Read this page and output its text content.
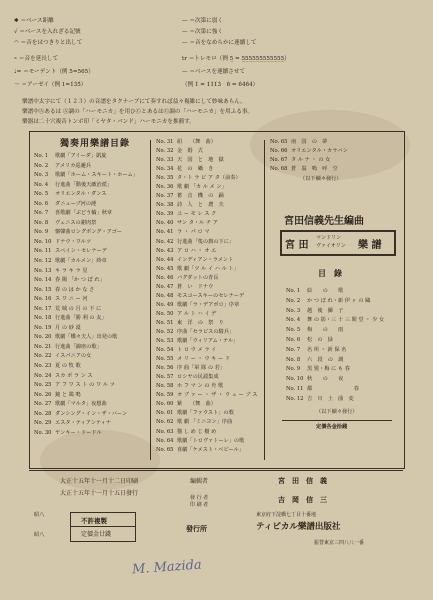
✱ ＝ベース距離
√ ＝ベースを入れざる記號
◠ ＝音をはつきりと出して
𝄐 ＝音を延長して
♩= ＝モーデント（例 5=565）
〜 ＝アーゼイ（例 1=1̇3̇5̇）
— ＝次第に弱く
— ＝次第に強く
— ＝音をなめらかに連續して
tr ＝トレモロ（例 5̲ = 5̲5̲5̲5̲5̲5̲5̲5̲5̲5̲5̲5̲）
— ＝ベースを連續させて
（例 1̇ = 1̇1̇1̇3̇　6̇ = 6̇4̇6̇4̇）
樂譜中太字にて（１２３）の音譜をタクナーブにて奏すれば益々複雑にして妙味あらん。
樂譜中Ⓐあるは Ⓐ調の「ハーモニカ」を用ひⒸとあるはⒸ調の「ハーモニカ」を用ふる事。
樂器は二十穴複音トンボ印「ミヤタ・バンド」ハーモニカを推薦す。
獨奏用樂譜目錄
No. 1 歌劇「アイーダ」凱旋
No. 2 アメリカ巡邏兵
No. 3 歌劇「ホーム・スキート・ホーム」
No. 4 行進曲「動後天敵治派」
No. 5 オリエンタル・ダンス
No. 6 ダニューブ河の漣
No. 7 喜歌劇「ぶどう輪」秋章
No. 8 ヴェニスの謝肉祭
No. 9 懐韓曲ロングボング・アゴー
No. 10 ドナウ・ワルツ
No. 11 スペイン・セレナーデ
No. 12 歌劇「カルメン」終章
No. 13 キ ラ キ ラ 星
No. 14 春 陽 「か つ ぽ れ」
No. 15 春 の は か な さ
No. 16 ス ワ ニ ー 河
No. 17 荒 城 の 月 の 下 に
No. 18 行進曲「勝 利 の 友」
No. 19 月 の 砂 漠
No. 20 歌劇「蝶々夫人」出発の歌
No. 21 行進曲「錦座の歌」
No. 22 イスパニアの女
No. 23 夏 の 牧 歌
No. 24 スカ ボ ラ ン ス
No. 25 ア フ ワ ス ト の ワ ル ツ
No. 26 鐘 と 鶏 鳴
No. 27 歌劇「マルタ」夜想曲
No. 28 ダンシング・イン・ザ・バーン
No. 29 エスタ・ティアンティナ
No. 30 ヤンキー・ドードル
No. 31 紐　　（舞　曲）
No. 32 金　婚　式
No. 33 天　国　と　地　獄
No. 34 花　の　囁　き
No. 35 タ・ト ラ ビ ア タ（前奏）
No. 36 歌 劇 「カ ル メ ン」
No. 37 蓄　音　機　の　踊
No. 38 詩　人　と　農　夫
No. 39 ユ ー モ レ ス ク
No. 40 サン タ・ル チ ア
No. 41 ラ ・ パ ロ マ
No. 42 行進曲「隻の旗の下に」
No. 43 ア ロ ハ ・ オ エ
No. 44 インディアン・ラメント
No. 45 歌 劇「ツ ル イ ハ ル ト」
No. 46 バグダットの青長
No. 47 蒼　い　ドナウ
No. 48 モスコースキーのセレナーデ
No. 49 歌劇「ラ・デアポロ」序章
No. 50 ア ル ト ハ イ デ
No. 51 東　洋　の　祭　り
No. 52 序曲「セラビスの騎兵」
No. 53 歌劇「ウィリアム・テル」
No. 54 ト ロ ウ メ ラ イ
No. 55 メ リ ー ・ ウ キ ー ド
No. 56 序 曲「軍 隊 の 若」
No. 57 ロシヤの民謡集成
No. 58 ホ フ マ ン の 舟 歌
No. 59 オ ブ ァ ー ・ ザ ・ ウ ェ ー ブ ス
No. 60 紫　　（舞　曲）
No. 61 歌劇「ファウスト」の歌
No. 62 歌 劇 「ミニヨン」序曲
No. 63 猫 し め じ 樹 め
No. 64 歌劇「トロヴァトーレ」の歌
No. 65 喜劇「ケメスト・ベビール」
No. 65 南　国　の　夢
No. 66 オリエンタル・カラバン
No. 67 タ ル ナ ・ の 女
No. 68 蒼　翁　嗚　呼　空
（以下續々發行）
宮田信義先生編曲
宮 田
マンドリン
ヴァイオリン 樂 譜
目　錄
No. 1 絵　　の　　歌
No. 2 か つ ぼ れ・新 伊 ヶ の 鷗
No. 3 越　後　獅　子
No. 4 舞 の 影・三 十 三 間 堂 ・ 少 女
No. 5 梅　　の　　雨
No. 6 松　の　緑
No. 7 名 所 ・ 新 保 名
No. 8 六　段　の　調
No. 9 黒 髪・梅 に も 春
No. 10 秋　　の　　夜
No. 11 都　　　　　　　　春
No. 12 吉　川　土　曲　変
（以下續々發行）
定價各金拾錢
大正十五年十一月十二日印刷
大正十五年十一月十五日發行
編輯者	宮　田　信　義
發 行 者
印 刷 者
吉　岡　信　三
昭八
昭八
不許複製
定價金廿錢
東京府下淀橋七丁目十番地
發行所	ティピカル樂譜出版社
振替東京三四八八一番
M. Mazida
